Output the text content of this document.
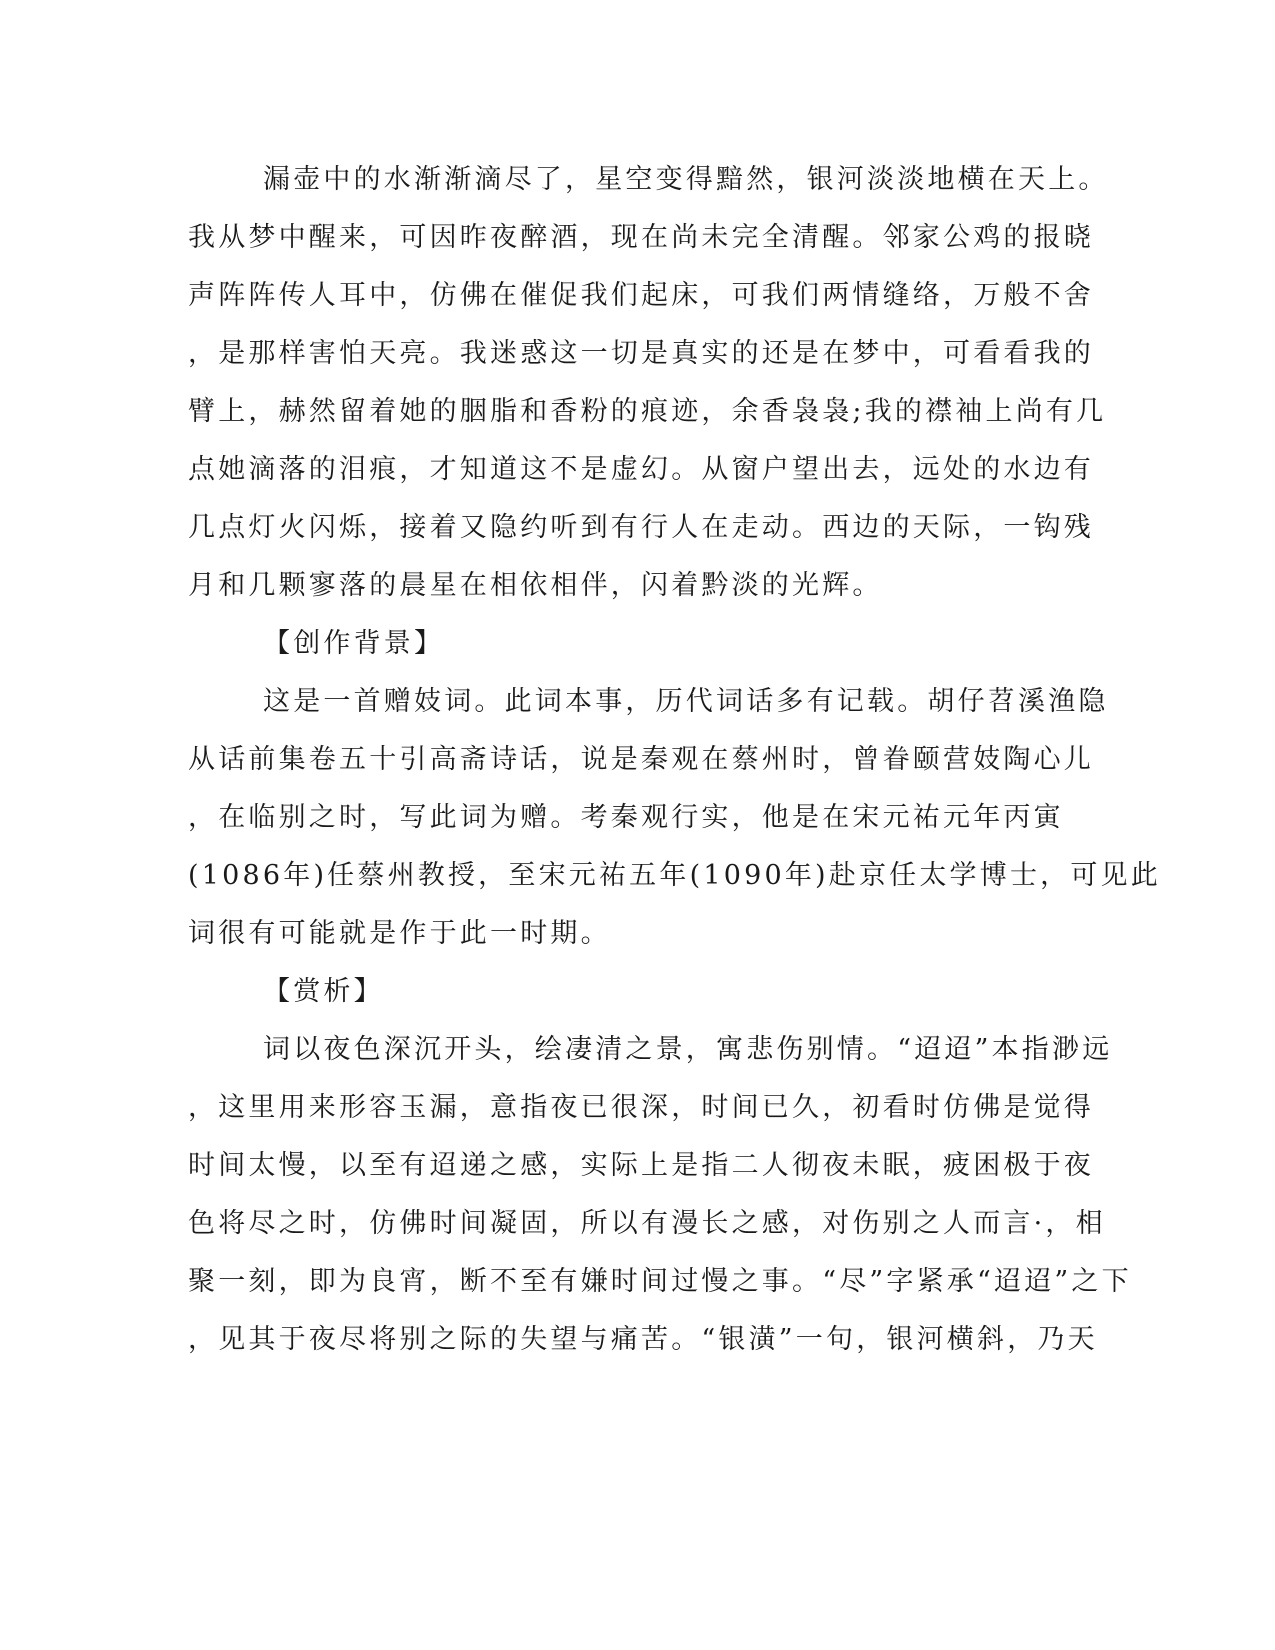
漏壶中的水渐渐滴尽了，星空变得黯然，银河淡淡地横在天上。

我从梦中醒来，可因昨夜醉酒，现在尚未完全清醒。邻家公鸡的报晓

声阵阵传人耳中，仿佛在催促我们起床，可我们两情缝络，万般不舍

，是那样害怕天亮。我迷惑这一切是真实的还是在梦中，可看看我的

臂上，赫然留着她的胭脂和香粉的痕迹，余香袅袅;我的襟袖上尚有几

点她滴落的泪痕，才知道这不是虚幻。从窗户望出去，远处的水边有

几点灯火闪烁，接着又隐约听到有行人在走动。西边的天际，一钩残

月和几颗寥落的晨星在相依相伴，闪着黔淡的光辉。

【创作背景】

这是一首赠妓词。此词本事，历代词话多有记载。胡仔苕溪渔隐

从话前集卷五十引高斋诗话，说是秦观在蔡州时，曾眷颐营妓陶心儿

，在临别之时，写此词为赠。考秦观行实，他是在宋元祐元年丙寅

(1086年)任蔡州教授，至宋元祐五年(1090年)赴京任太学博士，可见此

词很有可能就是作于此一时期。

【赏析】

词以夜色深沉开头，绘凄清之景，寓悲伤别情。“迢迢”本指渺远

，这里用来形容玉漏，意指夜已很深，时间已久，初看时仿佛是觉得

时间太慢，以至有迢递之感，实际上是指二人彻夜未眠，疲困极于夜

色将尽之时，仿佛时间凝固，所以有漫长之感，对伤别之人而言·，相

聚一刻，即为良宵，断不至有嫌时间过慢之事。“尽”字紧承“迢迢”之下

，见其于夜尽将别之际的失望与痛苦。“银潢”一句，银河横斜，乃天
